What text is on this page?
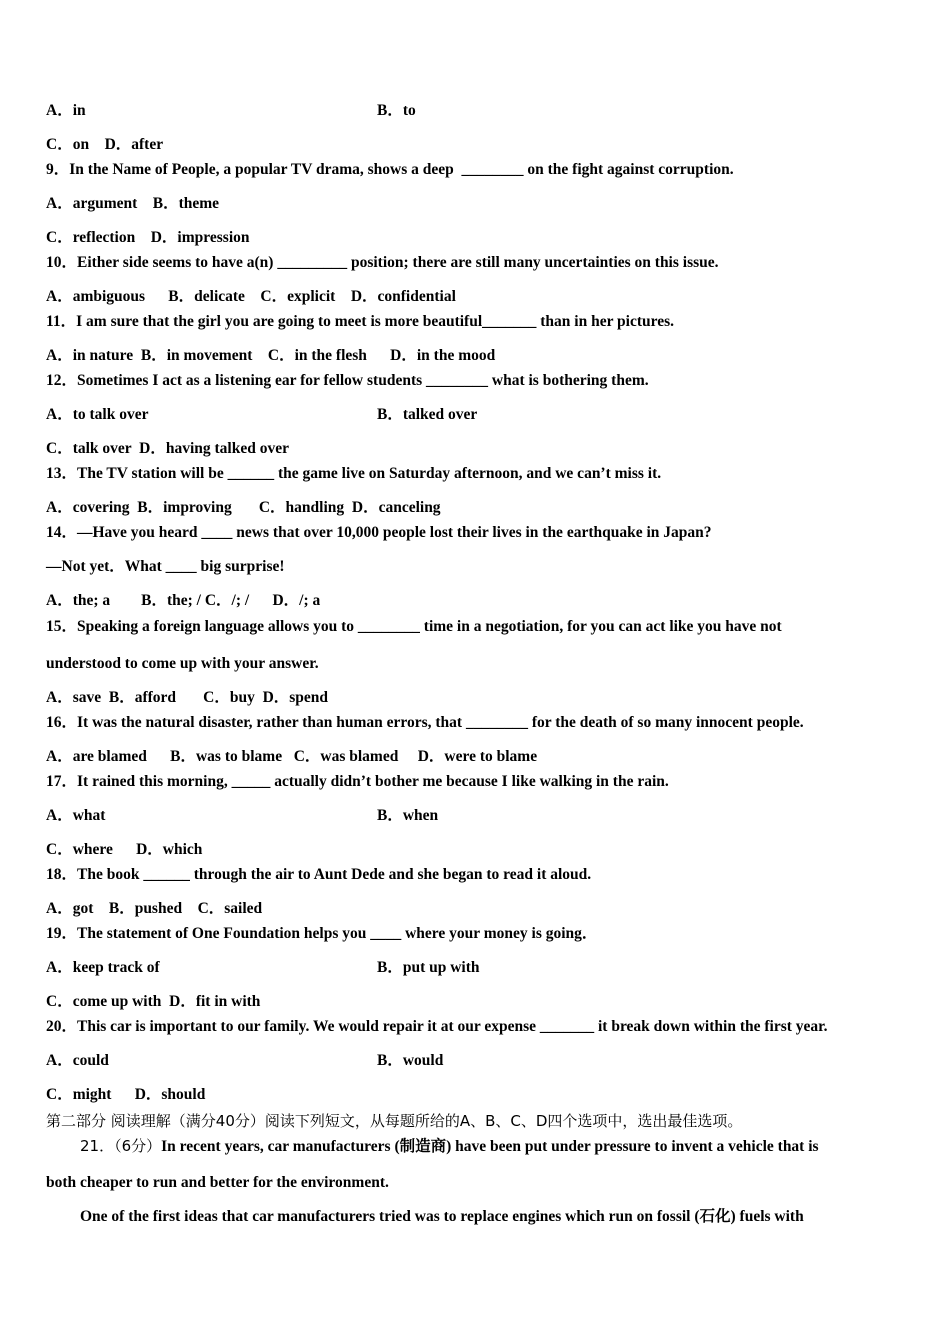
A．in	B．to
C．on    D．after
9．In the Name of People, a popular TV drama, shows a deep  ________ on the fight against corruption.
A．argument    B．theme
C．reflection    D．impression
10．Either side seems to have a(n) _________ position; there are still many uncertainties on this issue.
A．ambiguous      B．delicate    C．explicit    D．confidential
11．I am sure that the girl you are going to meet is more beautiful_______ than in her pictures.
A．in nature  B．in movement    C．in the flesh      D．in the mood
12．Sometimes I act as a listening ear for fellow students ________ what is bothering them.
A．to talk over	B．talked over
C．talk over  D．having talked over
13．The TV station will be ______ the game live on Saturday afternoon, and we can’t miss it.
A．covering  B．improving       C．handling  D．canceling
14．—Have you heard ____ news that over 10,000 people lost their lives in the earthquake in Japan?
—Not yet．What ____ big surprise!
A．the; a        B．the; / C．/; /      D．/; a
15．Speaking a foreign language allows you to ________ time in a negotiation, for you can act like you have not
understood to come up with your answer.
A．save  B．afford       C．buy  D．spend
16．It was the natural disaster, rather than human errors, that ________ for the death of so many innocent people.
A．are blamed      B．was to blame   C．was blamed     D．were to blame
17．It rained this morning, _____ actually didn’t bother me because I like walking in the rain.
A．what	B．when
C．where      D．which
18．The book ______ through the air to Aunt Dede and she began to read it aloud.
A．got    B．pushed    C．sailed
19．The statement of One Foundation helps you ____ where your money is going．
A．keep track of	B．put up with
C．come up with  D．fit in with
20．This car is important to our family. We would repair it at our expense _______ it break down within the first year.
A．could	B．would
C．might      D．should
第二部分 阅读理解（满分40分）阅读下列短文，从每题所给的A、B、C、D四个选项中，选出最佳选项。
21．（6分）In recent years, car manufacturers (制造商) have been put under pressure to invent a vehicle that is
both cheaper to run and better for the environment.
One of the first ideas that car manufacturers tried was to replace engines which run on fossil (石化) fuels with
